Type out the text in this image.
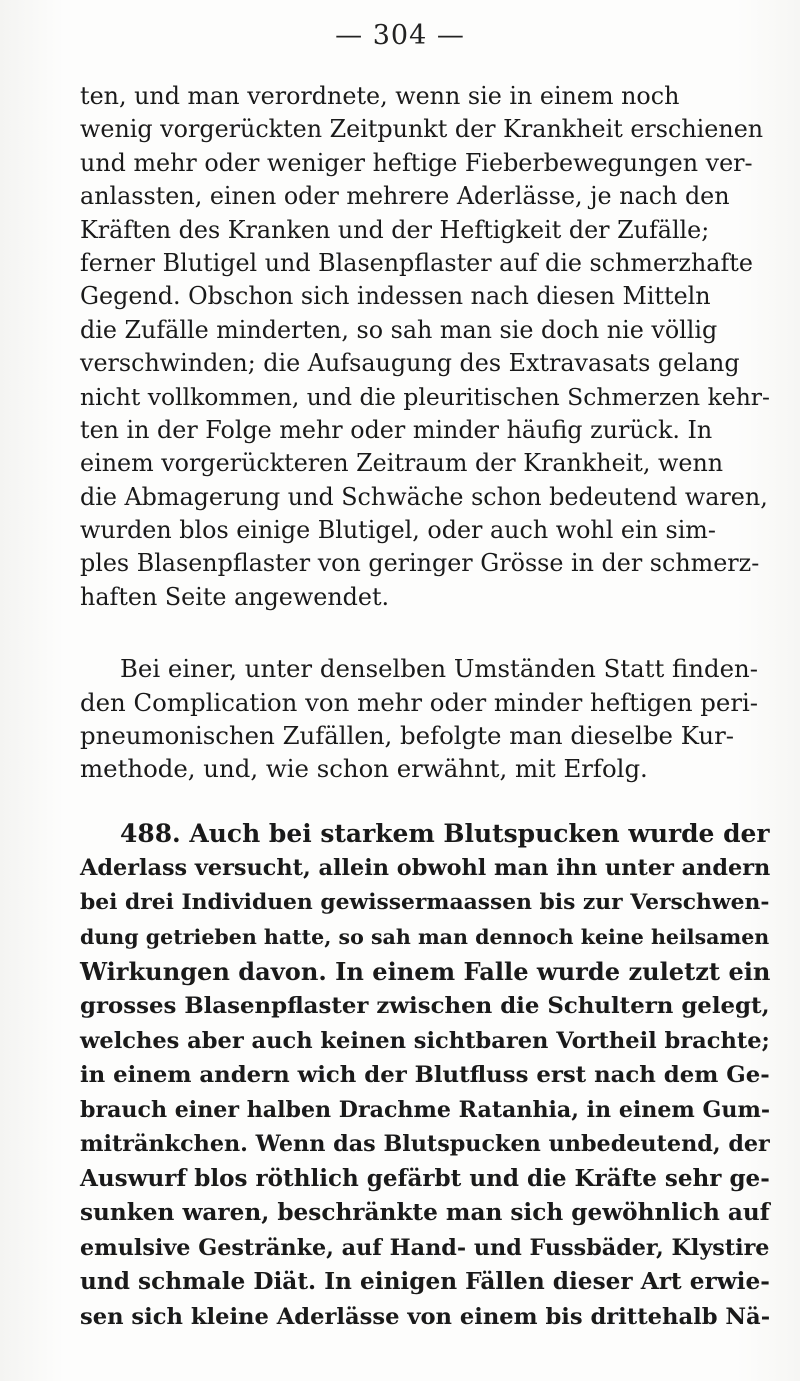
— 304 —
ten, und man verordnete, wenn sie in einem noch
wenig vorgerückten Zeitpunkt der Krankheit erschienen
und mehr oder weniger heftige Fieberbewegungen ver-
anlassten, einen oder mehrere Aderlässe, je nach den
Kräften des Kranken und der Heftigkeit der Zufälle;
ferner Blutigel und Blasenpflaster auf die schmerzhafte
Gegend. Obschon sich indessen nach diesen Mitteln
die Zufälle minderten, so sah man sie doch nie völlig
verschwinden; die Aufsaugung des Extravasats gelang
nicht vollkommen, und die pleuritischen Schmerzen kehr-
ten in der Folge mehr oder minder häufig zurück. In
einem vorgerückteren Zeitraum der Krankheit, wenn
die Abmagerung und Schwäche schon bedeutend waren,
wurden blos einige Blutigel, oder auch wohl ein sim-
ples Blasenpflaster von geringer Grösse in der schmerz-
haften Seite angewendet.
Bei einer, unter denselben Umständen Statt finden-
den Complication von mehr oder minder heftigen peri-
pneumonischen Zufällen, befolgte man dieselbe Kur-
methode, und, wie schon erwähnt, mit Erfolg.
488. Auch bei starkem Blutspucken wurde der
Aderlass versucht, allein obwohl man ihn unter andern
bei drei Individuen gewissermaassen bis zur Verschwen-
dung getrieben hatte, so sah man dennoch keine heilsamen
Wirkungen davon. In einem Falle wurde zuletzt ein
grosses Blasenpflaster zwischen die Schultern gelegt,
welches aber auch keinen sichtbaren Vortheil brachte;
in einem andern wich der Blutfluss erst nach dem Ge-
brauch einer halben Drachme Ratanhia, in einem Gum-
mitränkchen. Wenn das Blutspucken unbedeutend, der
Auswurf blos röthlich gefärbt und die Kräfte sehr ge-
sunken waren, beschränkte man sich gewöhnlich auf
emulsive Gestränke, auf Hand- und Fussbäder, Klystire
und schmale Diät. In einigen Fällen dieser Art erwie-
sen sich kleine Aderlässe von einem bis drittehalb Nä-
